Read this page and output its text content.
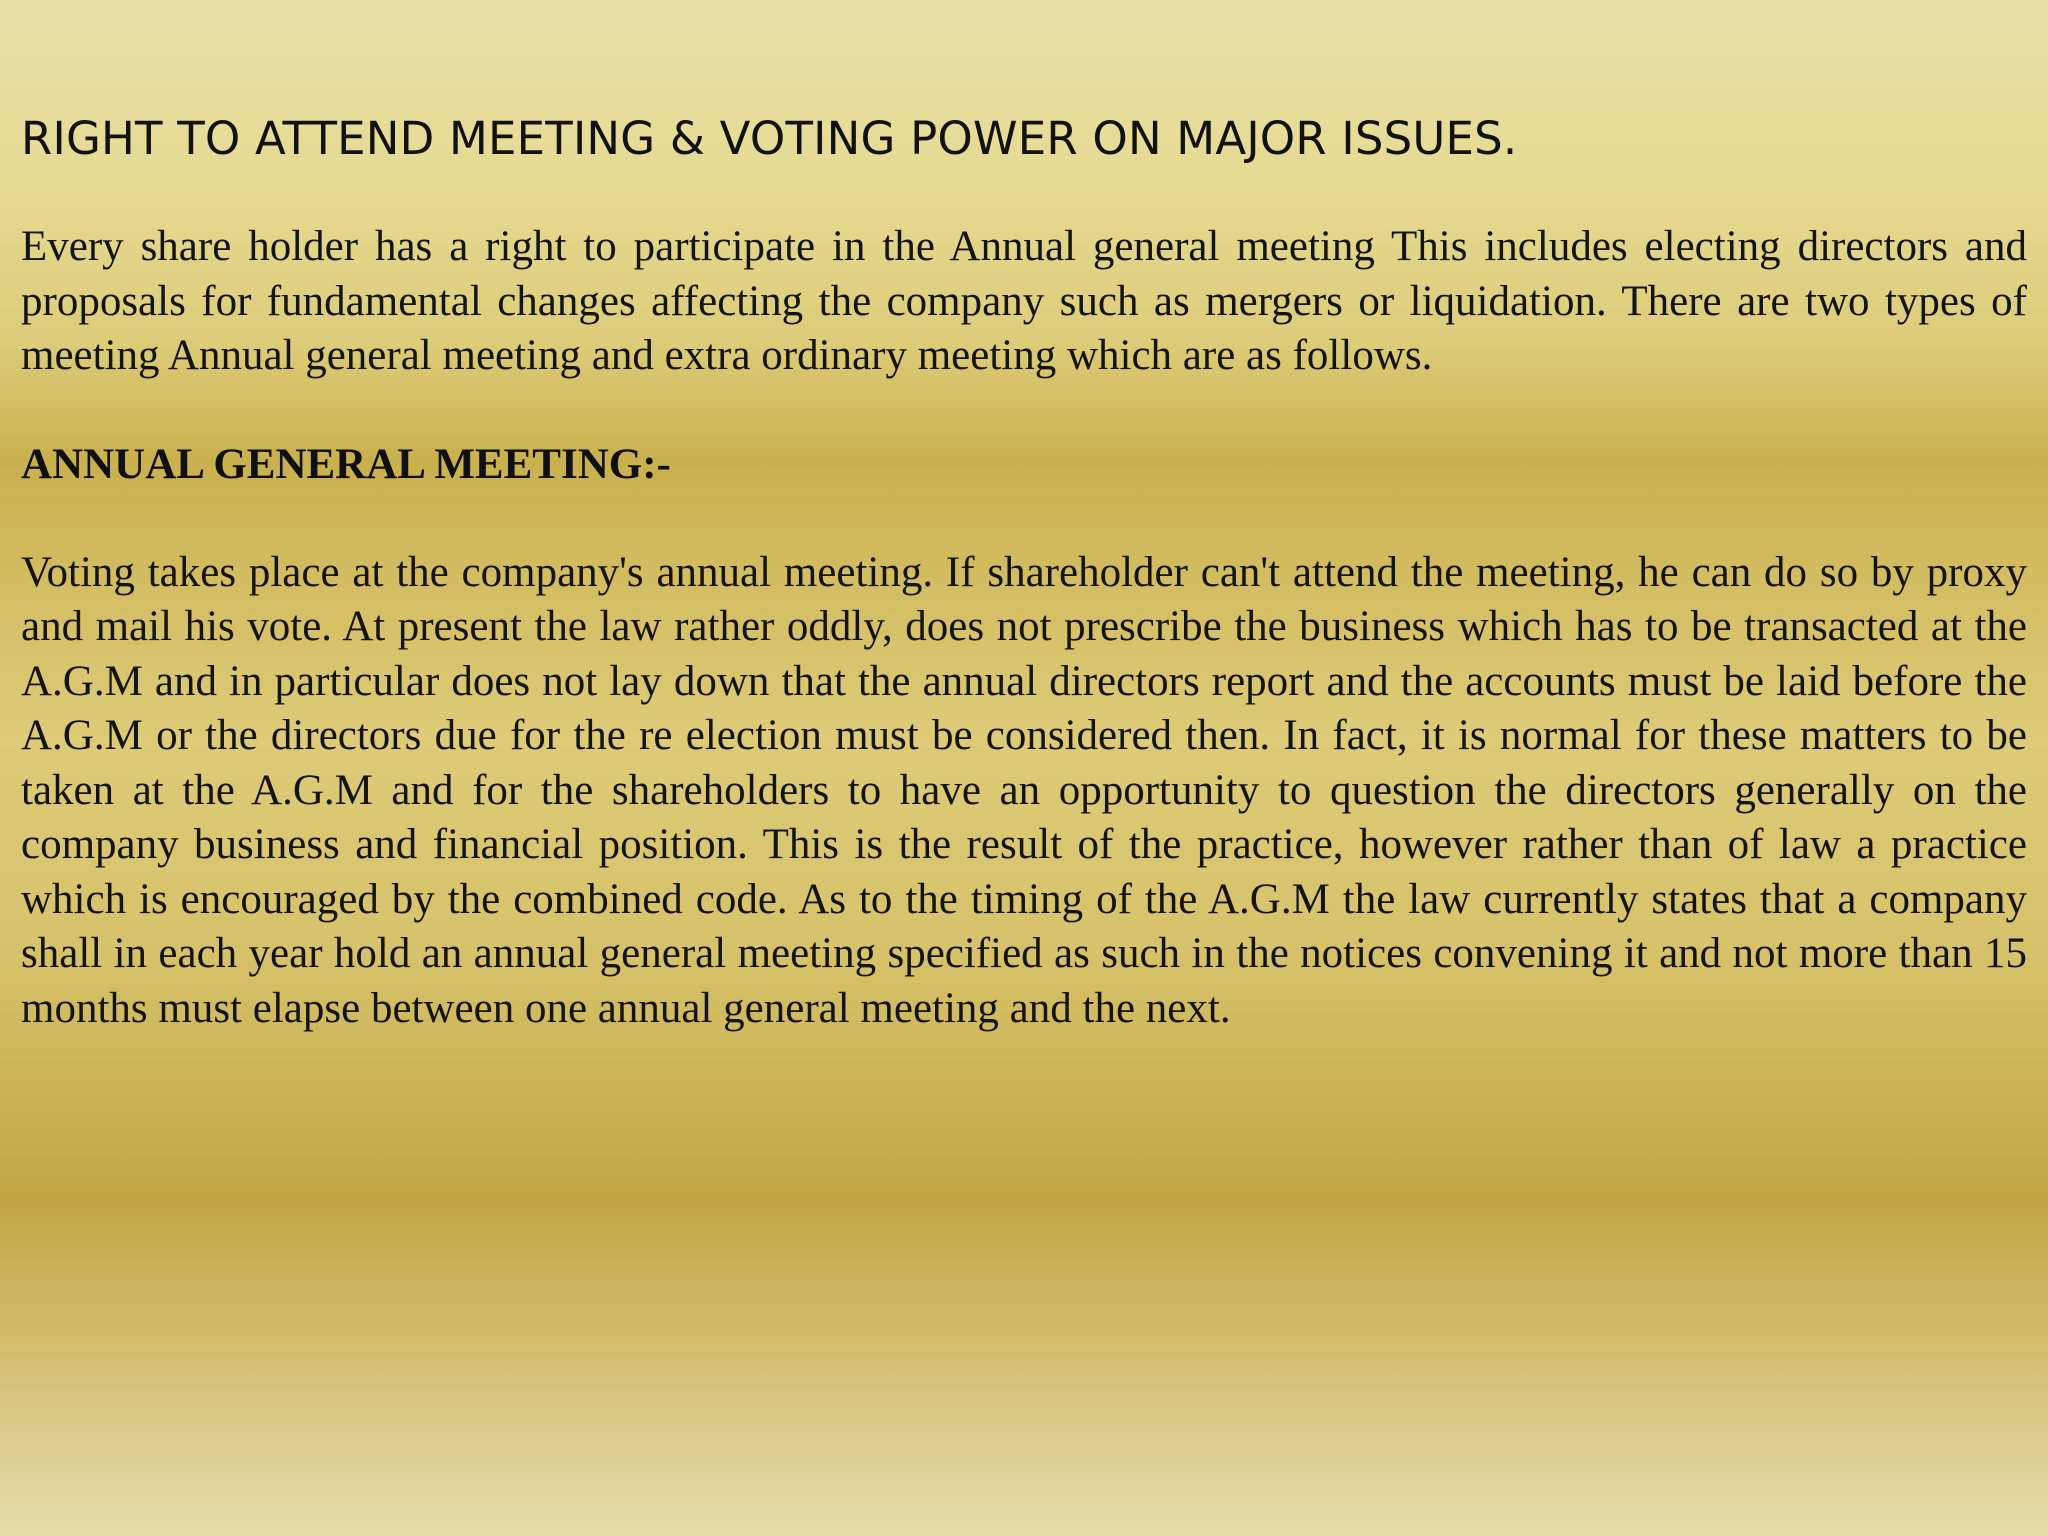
RIGHT TO ATTEND MEETING & VOTING POWER ON MAJOR ISSUES.

Every share holder has a right to participate in the Annual general meeting This includes electing directors and proposals for fundamental changes affecting the company such as mergers or liquidation. There are two types of meeting Annual general meeting and extra ordinary meeting which are as follows.

ANNUAL GENERAL MEETING:-

Voting takes place at the company's annual meeting. If shareholder can't attend the meeting, he can do so by proxy and mail his vote. At present the law rather oddly, does not prescribe the business which has to be transacted at the A.G.M and in particular does not lay down that the annual directors report and the accounts must be laid before the A.G.M or the directors due for the re election must be considered then. In fact, it is normal for these matters to be taken at the A.G.M and for the shareholders to have an opportunity to question the directors generally on the company business and financial position. This is the result of the practice, however rather than of law a practice which is encouraged by the combined code. As to the timing of the A.G.M the law currently states that a company shall in each year hold an annual general meeting specified as such in the notices convening it and not more than 15 months must elapse between one annual general meeting and the next.
